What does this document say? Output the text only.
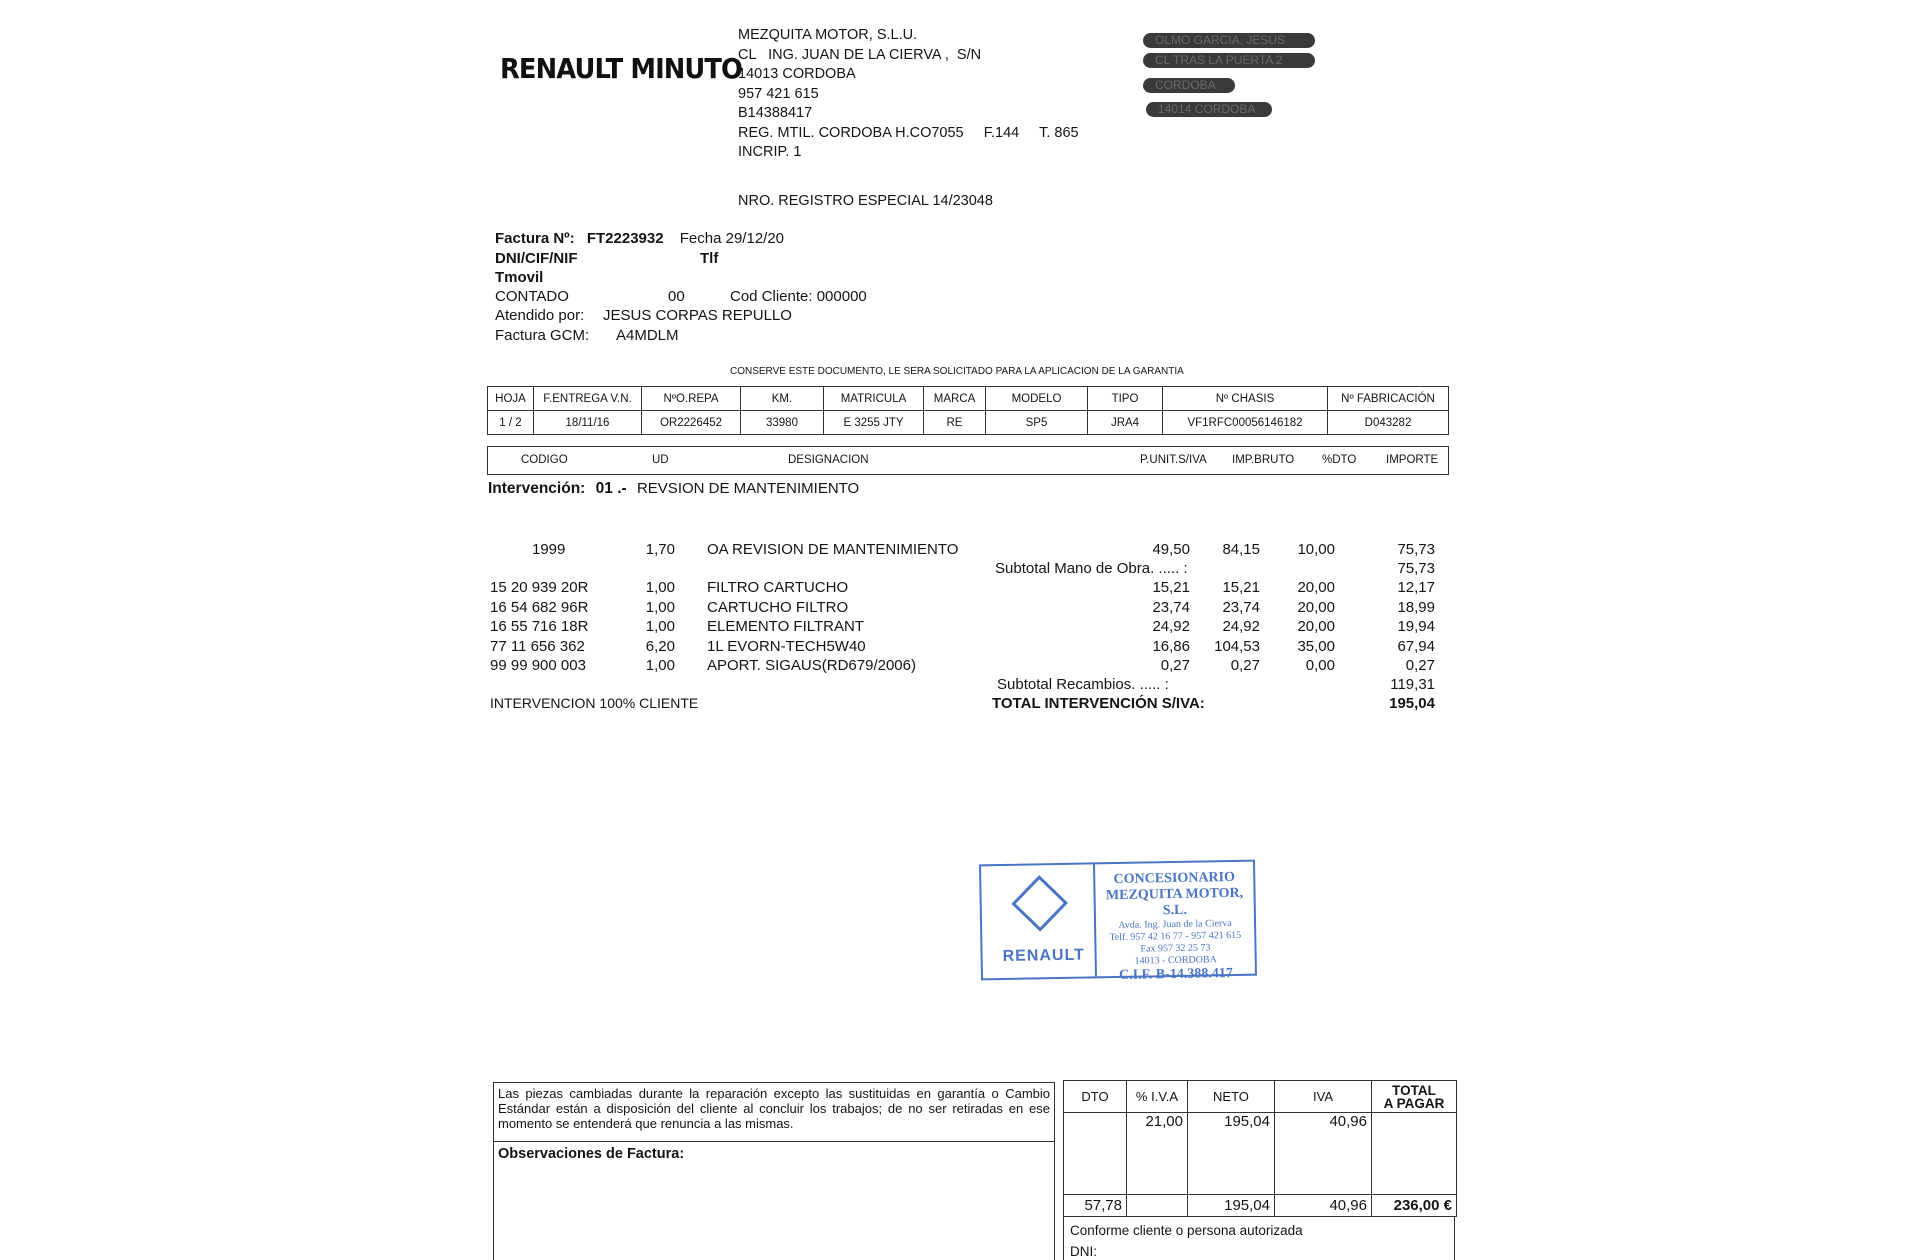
RENAULT MINUTO
MEZQUITA MOTOR, S.L.U.
CL   ING. JUAN DE LA CIERVA ,  S/N
14013 CORDOBA
957 421 615
B14388417
REG. MTIL. CORDOBA H.CO7055     F.144     T. 865
INCRIP. 1
OLMO GARCIA, JESUS
CL TRAS LA PUERTA 2
CORDOBA
14014 CORDOBA
NRO. REGISTRO ESPECIAL 14/23048
Factura Nº: FT2223932 Fecha 29/12/20
DNI/CIF/NIF	Tlf
Tmovil
CONTADO	00	Cod Cliente: 000000
Atendido por: JESUS CORPAS REPULLO
Factura GCM: A4MDLM
CONSERVE ESTE DOCUMENTO, LE SERA SOLICITADO PARA LA APLICACION DE LA GARANTIA
HOJA	F.ENTREGA V.N.	NºO.REPA	KM.	MATRICULA	MARCA	MODELO	TIPO	Nº CHASIS	Nº FABRICACIÓN
1 / 2	18/11/16	OR2226452	33980	E 3255 JTY	RE	SP5	JRA4	VF1RFC00056146182	D043282
CODIGO	UD	DESIGNACION	P.UNIT.S/IVA IMP.BRUTO %DTO	IMPORTE
Intervención: 01 .- REVSION DE MANTENIMIENTO
1999	1,70 OA REVISION DE MANTENIMIENTO	49,50	84,15	10,00	75,73
15 20 939 20R	1,00 FILTRO CARTUCHO	15,21	15,21	20,00	12,17
16 54 682 96R	1,00 CARTUCHO FILTRO	23,74	23,74	20,00	18,99
16 55 716 18R	1,00 ELEMENTO FILTRANT	24,92	24,92	20,00	19,94
77 11 656 362	6,20 1L EVORN-TECH5W40	16,86	104,53	35,00	67,94
99 99 900 003	1,00 APORT. SIGAUS(RD679/2006)	0,27	0,27	0,00	0,27
Subtotal Mano de Obra. ..... :	75,73
Subtotal Recambios. ..... :	119,31
INTERVENCION 100% CLIENTE	TOTAL INTERVENCIÓN S/IVA:	195,04
RENAULT
CONCESIONARIO
MEZQUITA MOTOR, S.L.
Avda. Ing. Juan de la Cierva
Telf. 957 42 16 77 - 957 421 615
Fax 957 32 25 73
14013 - CORDOBA
C.I.F. B-14.388.417
Las piezas cambiadas durante la reparación excepto las sustituidas en garantía o Cambio Estándar están a disposición del cliente al concluir los trabajos; de no ser retiradas en ese momento se entenderá que renuncia a las mismas.
Observaciones de Factura:
DTO	% I.V.A	NETO	IVA	TOTAL
A PAGAR

	21,00	195,04	40,96	
57,78		195,04	40,96	236,00 €
Conforme cliente o persona autorizada
DNI:
